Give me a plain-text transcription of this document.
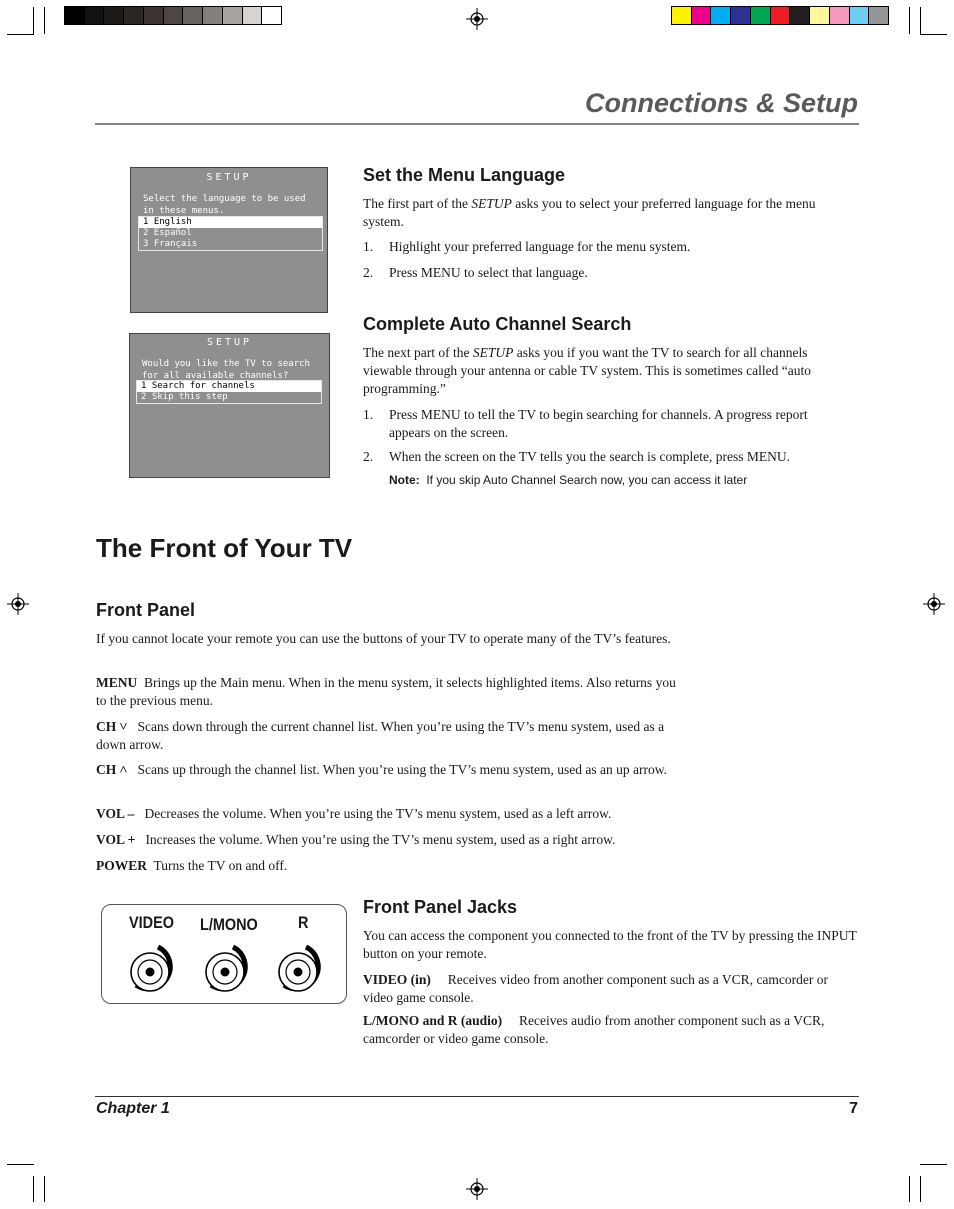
Connections & Setup
SETUP
Select the language to be used
in these menus.
1 English
2 Español
3 Français
SETUP
Would you like the TV to search
for all available channels?
1 Search for channels
2 Skip this step
Set the Menu Language

The first part of the SETUP asks you to select your preferred language for the menu system.

1. Highlight your preferred language for the menu system.

2. Press MENU to select that language.

Complete Auto Channel Search

The next part of the SETUP asks you if you want the TV to search for all channels viewable through your antenna or cable TV system. This is sometimes called “auto programming.”

1. Press MENU to tell the TV to begin searching for channels. A progress report appears on the screen.

2. When the screen on the TV tells you the search is complete, press MENU.

Note: If you skip Auto Channel Search now, you can access it later
The Front of Your TV
Front Panel

If you cannot locate your remote you can use the buttons of your TV to operate many of the TV’s features.

MENU Brings up the Main menu. When in the menu system, it selects highlighted items. Also returns you to the previous menu.

CH ˅ Scans down through the current channel list. When you’re using the TV’s menu system, used as a down arrow.

CH ˄ Scans up through the channel list. When you’re using the TV’s menu system, used as an up arrow.

VOL – Decreases the volume. When you’re using the TV’s menu system, used as a left arrow.

VOL + Increases the volume. When you’re using the TV’s menu system, used as a right arrow.

POWER Turns the TV on and off.

VIDEO L/MONO R
Front Panel Jacks

You can access the component you connected to the front of the TV by pressing the INPUT button on your remote.

VIDEO (in) Receives video from another component such as a VCR, camcorder or video game console.

L/MONO and R (audio) Receives audio from another component such as a VCR, camcorder or video game console.

Chapter 1	7
